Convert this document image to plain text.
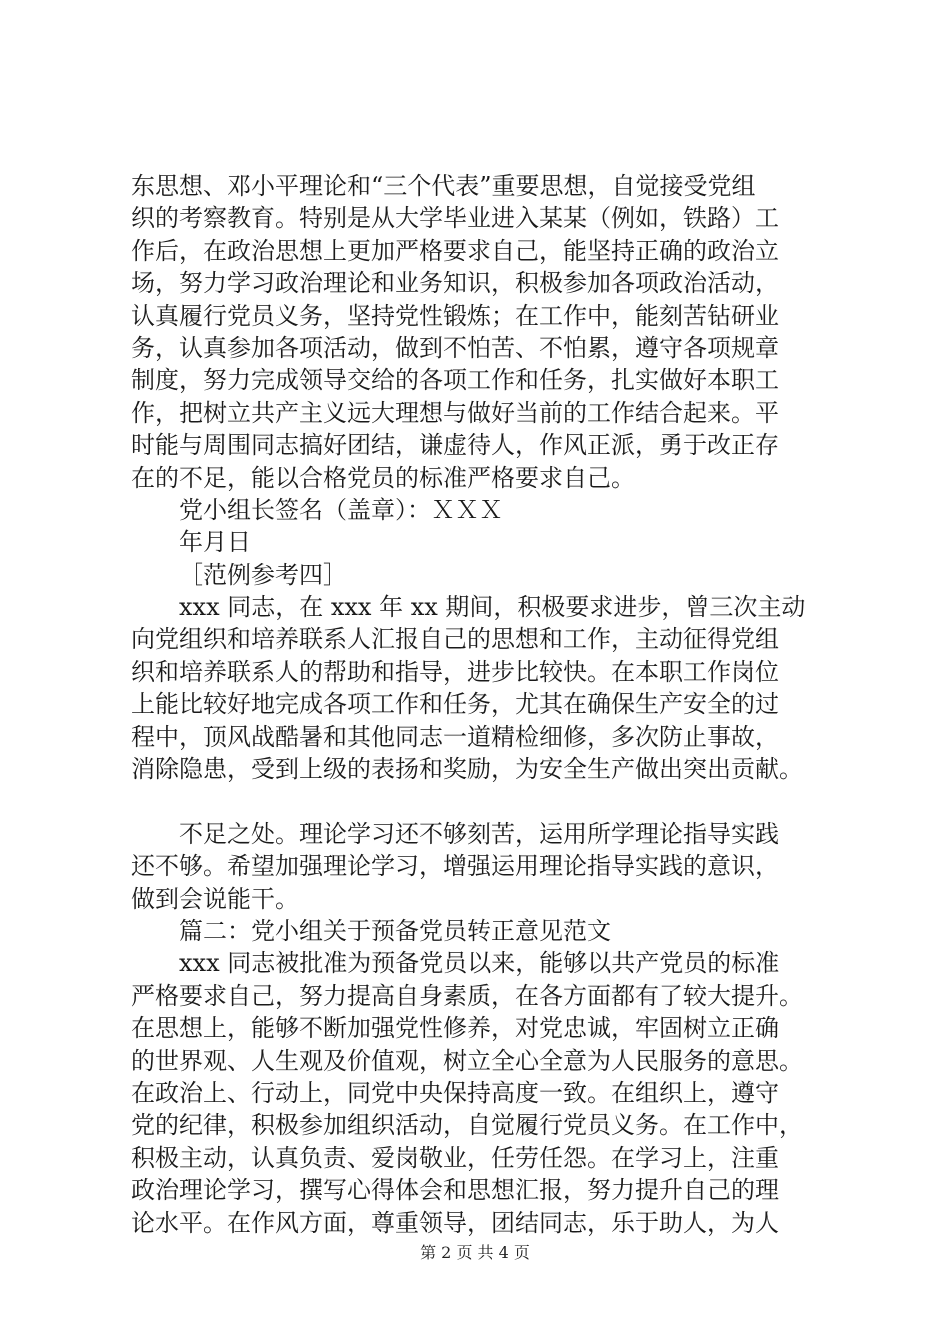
东思想、邓小平理论和“三个代表”重要思想，自觉接受党组
织的考察教育。特别是从大学毕业进入某某（例如，铁路）工
作后，在政治思想上更加严格要求自己，能坚持正确的政治立
场，努力学习政治理论和业务知识，积极参加各项政治活动，
认真履行党员义务，坚持党性锻炼；在工作中，能刻苦钻研业
务，认真参加各项活动，做到不怕苦、不怕累，遵守各项规章
制度，努力完成领导交给的各项工作和任务，扎实做好本职工
作，把树立共产主义远大理想与做好当前的工作结合起来。平
时能与周围同志搞好团结，谦虚待人，作风正派，勇于改正存
在的不足，能以合格党员的标准严格要求自己。
党小组长签名（盖章）：ＸＸＸ
年月日
［范例参考四］
xxx 同志，在 xxx 年 xx 期间，积极要求进步，曾三次主动
向党组织和培养联系人汇报自己的思想和工作，主动征得党组
织和培养联系人的帮助和指导，进步比较快。在本职工作岗位
上能比较好地完成各项工作和任务，尤其在确保生产安全的过
程中，顶风战酷暑和其他同志一道精检细修，多次防止事故，
消除隐患，受到上级的表扬和奖励，为安全生产做出突出贡献。
不足之处。理论学习还不够刻苦，运用所学理论指导实践
还不够。希望加强理论学习，增强运用理论指导实践的意识，
做到会说能干。
篇二：党小组关于预备党员转正意见范文
xxx 同志被批准为预备党员以来，能够以共产党员的标准
严格要求自己，努力提高自身素质，在各方面都有了较大提升。
在思想上，能够不断加强党性修养，对党忠诚，牢固树立正确
的世界观、人生观及价值观，树立全心全意为人民服务的意思。
在政治上、行动上，同党中央保持高度一致。在组织上，遵守
党的纪律，积极参加组织活动，自觉履行党员义务。在工作中，
积极主动，认真负责、爱岗敬业，任劳任怨。在学习上，注重
政治理论学习，撰写心得体会和思想汇报，努力提升自己的理
论水平。在作风方面，尊重领导，团结同志，乐于助人，为人
第 2 页 共 4 页
